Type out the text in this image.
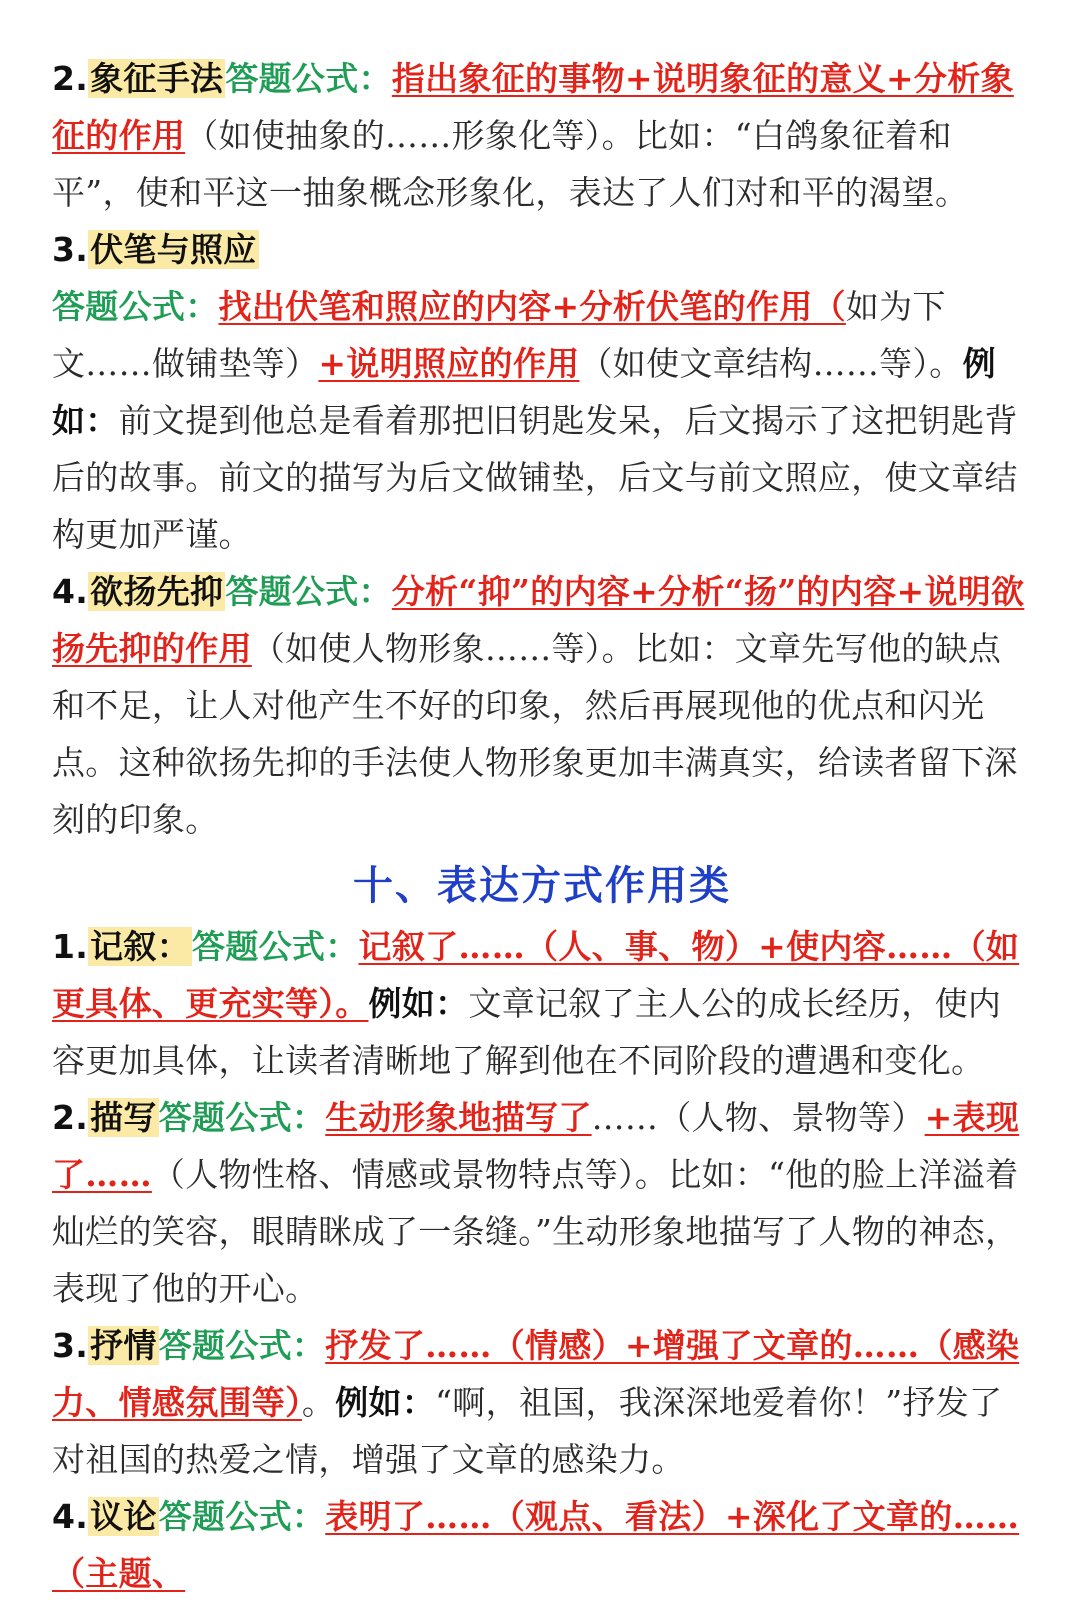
2.象征手法答题公式：指出象征的事物+说明象征的意义+分析象征的作用（如使抽象的……形象化等）。比如：“白鸽象征着和平”，使和平这一抽象概念形象化，表达了人们对和平的渴望。

3.伏笔与照应

答题公式：找出伏笔和照应的内容+分析伏笔的作用（如为下文……做铺垫等）+说明照应的作用（如使文章结构……等）。例如：前文提到他总是看着那把旧钥匙发呆，后文揭示了这把钥匙背后的故事。前文的描写为后文做铺垫，后文与前文照应，使文章结构更加严谨。

4.欲扬先抑答题公式：分析“抑”的内容+分析“扬”的内容+说明欲扬先抑的作用（如使人物形象……等）。比如：文章先写他的缺点和不足，让人对他产生不好的印象，然后再展现他的优点和闪光点。这种欲扬先抑的手法使人物形象更加丰满真实，给读者留下深刻的印象。

十、表达方式作用类

1.记叙：答题公式：记叙了……（人、事、物）+使内容……（如更具体、更充实等）。例如：文章记叙了主人公的成长经历，使内容更加具体，让读者清晰地了解到他在不同阶段的遭遇和变化。

2.描写答题公式：生动形象地描写了……（人物、景物等）+表现了……（人物性格、情感或景物特点等）。比如：“他的脸上洋溢着灿烂的笑容，眼睛眯成了一条缝。”生动形象地描写了人物的神态，表现了他的开心。

3.抒情答题公式：抒发了……（情感）+增强了文章的……（感染力、情感氛围等）。例如：“啊，祖国，我深深地爱着你！”抒发了对祖国的热爱之情，增强了文章的感染力。

4.议论答题公式：表明了……（观点、看法）+深化了文章的……（主题、
